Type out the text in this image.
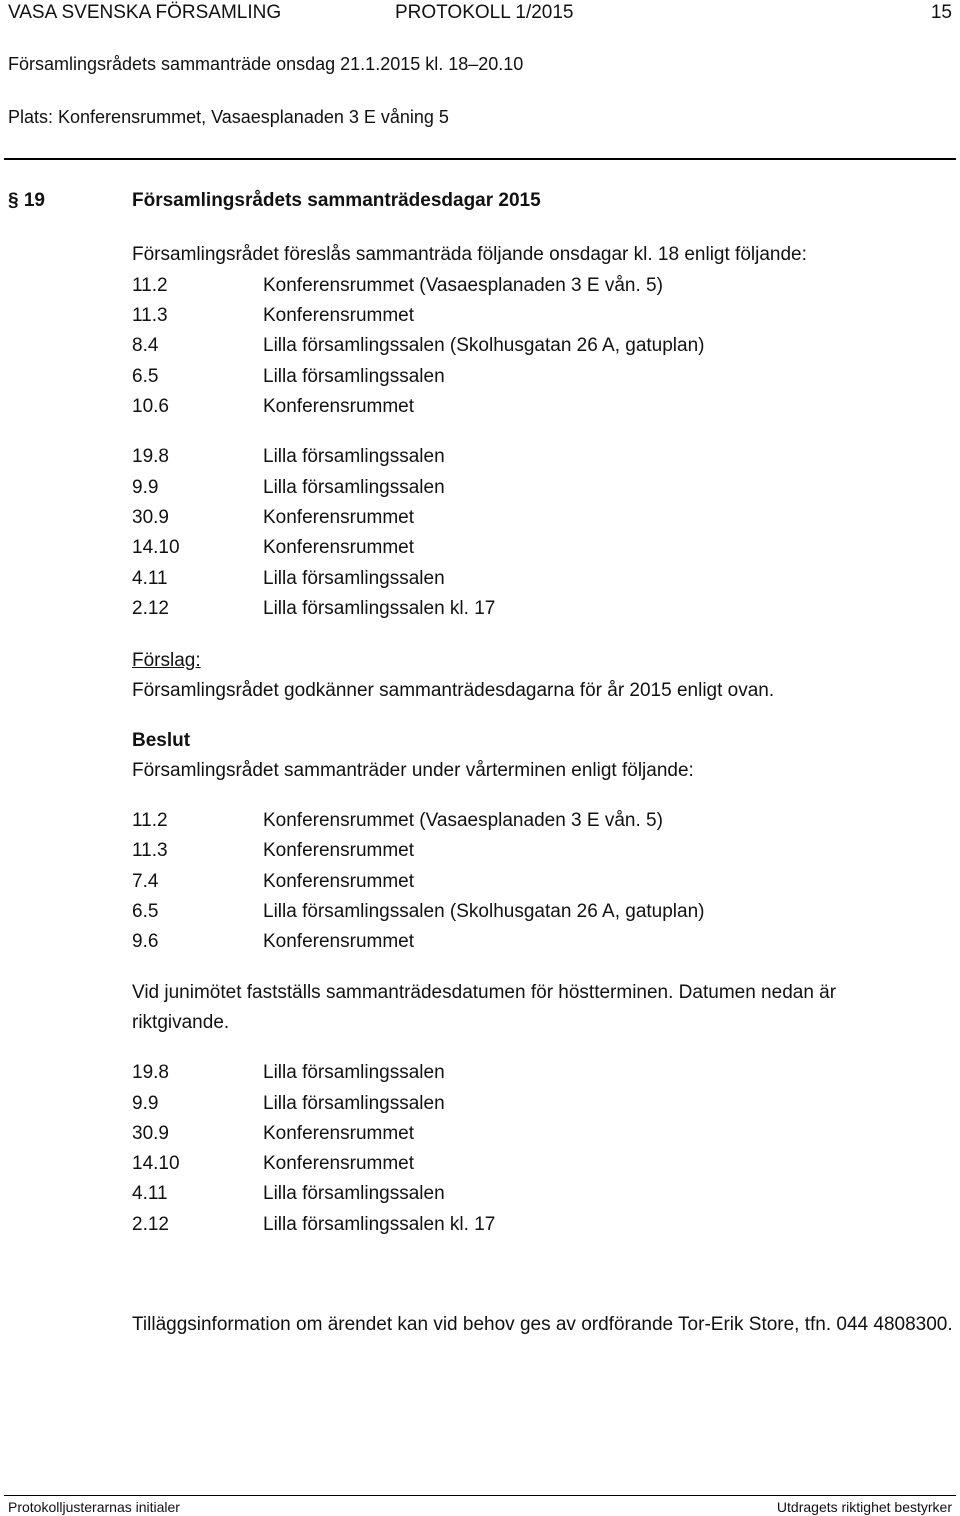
VASA SVENSKA FÖRSAMLING	PROTOKOLL 1/2015	15
Församlingsrådets sammanträde onsdag 21.1.2015 kl. 18–20.10
Plats: Konferensrummet, Vasaesplanaden 3 E våning 5
§ 19	Församlingsrådets sammanträdesdagar 2015
Församlingsrådet föreslås sammanträda följande onsdagar kl. 18 enligt följande:
11.2	Konferensrummet (Vasaesplanaden 3 E vån. 5)
11.3	Konferensrummet
8.4	Lilla församlingssalen (Skolhusgatan 26 A, gatuplan)
6.5	Lilla församlingssalen
10.6	Konferensrummet
19.8	Lilla församlingssalen
9.9	Lilla församlingssalen
30.9	Konferensrummet
14.10	Konferensrummet
4.11	Lilla församlingssalen
2.12	Lilla församlingssalen kl. 17
Förslag:
Församlingsrådet godkänner sammanträdesdagarna för år 2015 enligt ovan.
Beslut
Församlingsrådet sammanträder under vårterminen enligt följande:
11.2	Konferensrummet (Vasaesplanaden 3 E vån. 5)
11.3	Konferensrummet
7.4	Konferensrummet
6.5	Lilla församlingssalen (Skolhusgatan 26 A, gatuplan)
9.6	Konferensrummet
Vid junimötet fastställs sammanträdesdatumen för höstterminen. Datumen nedan är
riktgivande.
19.8	Lilla församlingssalen
9.9	Lilla församlingssalen
30.9	Konferensrummet
14.10	Konferensrummet
4.11	Lilla församlingssalen
2.12	Lilla församlingssalen kl. 17
Tilläggsinformation om ärendet kan vid behov ges av ordförande Tor-Erik Store, tfn. 044 4808300.
Protokolljusterarnas initialer	Utdragets riktighet bestyrker
